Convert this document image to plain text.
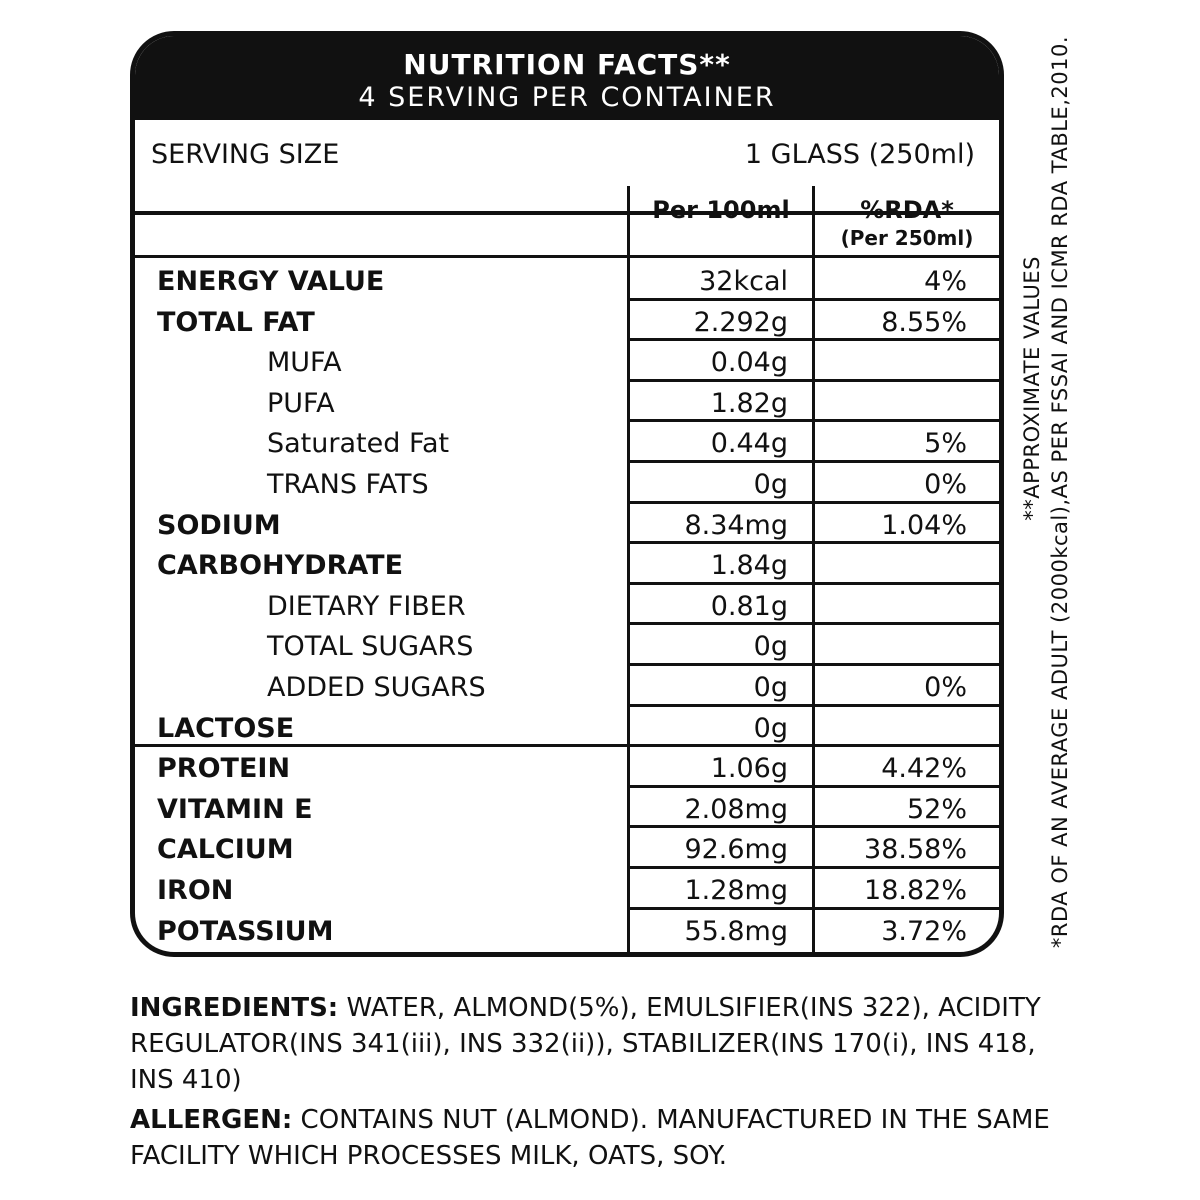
NUTRITION FACTS**
4 SERVING PER CONTAINER
SERVING SIZE	1 GLASS (250ml)
Per 100ml	%RDA*
(Per 250ml)
ENERGY VALUE	32kcal	4%
TOTAL FAT	2.292g	8.55%
MUFA	0.04g
PUFA	1.82g
Saturated Fat	0.44g	5%
TRANS FATS	0g	0%
SODIUM	8.34mg	1.04%
CARBOHYDRATE	1.84g
DIETARY FIBER	0.81g
TOTAL SUGARS	0g
ADDED SUGARS	0g	0%
LACTOSE	0g
PROTEIN	1.06g	4.42%
VITAMIN E	2.08mg	52%
CALCIUM	92.6mg	38.58%
IRON	1.28mg	18.82%
POTASSIUM	55.8mg	3.72%
**APPROXIMATE VALUES *RDA OF AN AVERAGE ADULT (2000kcal),AS PER FSSAI AND ICMR RDA TABLE,2010.
INGREDIENTS: WATER, ALMOND(5%), EMULSIFIER(INS 322), ACIDITY REGULATOR(INS 341(iii), INS 332(ii)), STABILIZER(INS 170(i), INS 418, INS 410)
ALLERGEN: CONTAINS NUT (ALMOND). MANUFACTURED IN THE SAME FACILITY WHICH PROCESSES MILK, OATS, SOY.
